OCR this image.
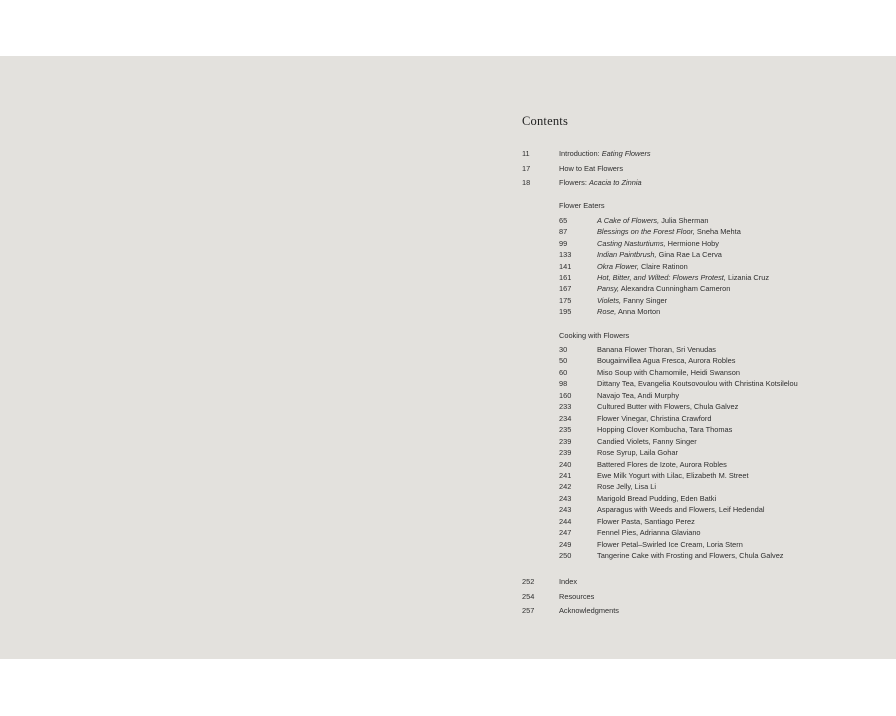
Contents
11	Introduction: Eating Flowers
17	How to Eat Flowers
18	Flowers: Acacia to Zinnia
Flower Eaters
65	A Cake of Flowers, Julia Sherman
87	Blessings on the Forest Floor, Sneha Mehta
99	Casting Nasturtiums, Hermione Hoby
133	Indian Paintbrush, Gina Rae La Cerva
141	Okra Flower, Claire Ratinon
161	Hot, Bitter, and Wilted: Flowers Protest, Lizania Cruz
167	Pansy, Alexandra Cunningham Cameron
175	Violets, Fanny Singer
195	Rose, Anna Morton
Cooking with Flowers
30	Banana Flower Thoran, Sri Venudas
50	Bougainvillea Agua Fresca, Aurora Robles
60	Miso Soup with Chamomile, Heidi Swanson
98	Dittany Tea, Evangelia Koutsovoulou with Christina Kotsilelou
160	Navajo Tea, Andi Murphy
233	Cultured Butter with Flowers, Chula Galvez
234	Flower Vinegar, Christina Crawford
235	Hopping Clover Kombucha, Tara Thomas
239	Candied Violets, Fanny Singer
239	Rose Syrup, Laila Gohar
240	Battered Flores de Izote, Aurora Robles
241	Ewe Milk Yogurt with Lilac, Elizabeth M. Street
242	Rose Jelly, Lisa Li
243	Marigold Bread Pudding, Eden Batki
243	Asparagus with Weeds and Flowers, Leif Hedendal
244	Flower Pasta, Santiago Perez
247	Fennel Pies, Adrianna Glaviano
249	Flower Petal–Swirled Ice Cream, Loria Stern
250	Tangerine Cake with Frosting and Flowers, Chula Galvez
252	Index
254	Resources
257	Acknowledgments
